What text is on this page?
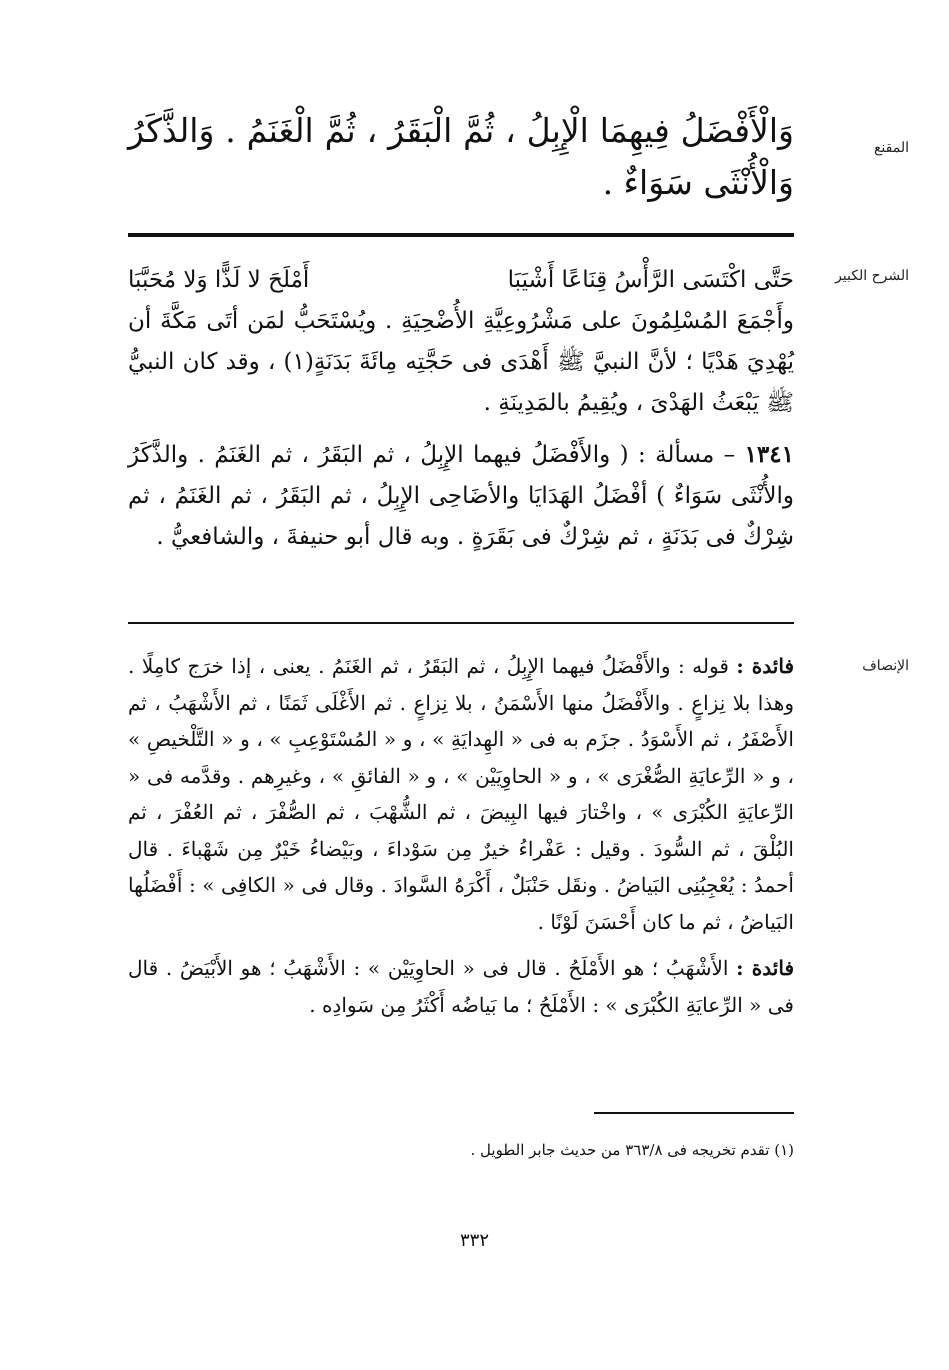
المقنع

وَالْأَفْضَلُ فِيهِمَا الْإِبِلُ ، ثُمَّ الْبَقَرُ ، ثُمَّ الْغَنَمُ . وَالذَّكَرُ وَالْأُنْثَى سَوَاءٌ .

الشرح الكبير
حَتَّى اكْتَسَى الرَّأْسُ قِنَاعًا أَشْيَبَا
أَمْلَحَ لا لَذًّا وَلا مُحَبَّبَا

وأَجْمَعَ المُسْلِمُونَ على مَشْرُوعِيَّةِ الأُضْحِيَةِ . ويُسْتَحَبُّ لمَن أتَى مَكَّةَ أن يُهْدِيَ هَدْيًا ؛ لأنَّ النبيَّ ﷺ أَهْدَى فى حَجَّتِه مِائَةَ بَدَنَةٍ(١) ، وقد كان النبيُّ ﷺ يَبْعَثُ الهَدْىَ ، ويُقِيمُ بالمَدِينَةِ .

١٣٤١ – مسألة : ( والأَفْضَلُ فيهما الإِبِلُ ، ثم البَقَرُ ، ثم الغَنَمُ . والذَّكَرُ والأُنْثَى سَوَاءٌ ) أفْضَلُ الهَدَايَا والأضَاحِى الإِبِلُ ، ثم البَقَرُ ، ثم الغَنَمُ ، ثم شِرْكٌ فى بَدَنَةٍ ، ثم شِرْكٌ فى بَقَرَةٍ . وبه قال أبو حنيفةَ ، والشافعيُّ .

الإنصاف

فائدة : قوله : والأَفْضَلُ فيهما الإِبِلُ ، ثم البَقَرُ ، ثم الغَنَمُ . يعنى ، إذا خرَج كامِلًا . وهذا بلا نِزاعٍ . والأَفْضَلُ منها الأَسْمَنُ ، بلا نِزاعٍ . ثم الأَغْلَى ثَمَنًا ، ثم الأَشْهَبُ ، ثم الأَصْفَرُ ، ثم الأَسْوَدُ . جزَم به فى « الهِدايَةِ » ، و « المُسْتَوْعِبِ » ، و « التَّلْخيصِ » ، و « الرِّعايَةِ الصُّغْرَى » ، و « الحاوِيَيْن » ، و « الفائقِ » ، وغيرِهم . وقدَّمه فى « الرِّعايَةِ الكُبْرَى » ، واخْتارَ فيها البِيضَ ، ثم الشُّهْبَ ، ثم الصُّفْرَ ، ثم العُفْرَ ، ثم البُلْقَ ، ثم السُّودَ . وقيل : عَفْراءُ خيرٌ مِن سَوْداءَ ، وبَيْضاءُ خَيْرٌ مِن شَهْباءَ . قال أحمدُ : يُعْجِبُنِى البَياضُ . ونقَل حَنْبَلٌ ، أَكْرَهُ السَّوادَ . وقال فى « الكافِى » : أَفْضَلُها البَياضُ ، ثم ما كان أَحْسَنَ لَوْنًا .

فائدة : الأَشْهَبُ ؛ هو الأَمْلَحُ . قال فى « الحاوِيَيْن » : الأَشْهَبُ ؛ هو الأَبْيَضُ . قال فى « الرِّعايَةِ الكُبْرَى » : الأَمْلَحُ ؛ ما بَياضُه أَكْثَرُ مِن سَوادِه .

(١) تقدم تخريجه فى ٣٦٣/٨ من حديث جابر الطويل .
٣٣٢
